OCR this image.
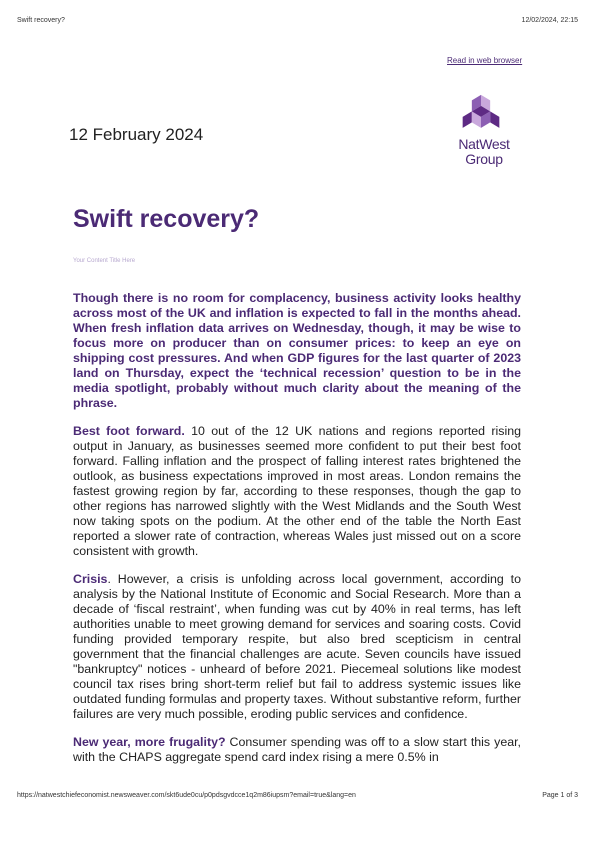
Swift recovery?	12/02/2024, 22:15
Read in web browser
12 February 2024	NatWest
Group
Swift recovery?
Your Content Title Here

Though there is no room for complacency, business activity looks healthy across most of the UK and inflation is expected to fall in the months ahead. When fresh inflation data arrives on Wednesday, though, it may be wise to focus more on producer than on consumer prices: to keep an eye on shipping cost pressures. And when GDP figures for the last quarter of 2023 land on Thursday, expect the ‘technical recession’ question to be in the media spotlight, probably without much clarity about the meaning of the phrase.

Best foot forward. 10 out of the 12 UK nations and regions reported rising output in January, as businesses seemed more confident to put their best foot forward. Falling inflation and the prospect of falling interest rates brightened the outlook, as business expectations improved in most areas. London remains the fastest growing region by far, according to these responses, though the gap to other regions has narrowed slightly with the West Midlands and the South West now taking spots on the podium. At the other end of the table the North East reported a slower rate of contraction, whereas Wales just missed out on a score consistent with growth.

Crisis. However, a crisis is unfolding across local government, according to analysis by the National Institute of Economic and Social Research. More than a decade of ‘fiscal restraint’, when funding was cut by 40% in real terms, has left authorities unable to meet growing demand for services and soaring costs. Covid funding provided temporary respite, but also bred scepticism in central government that the financial challenges are acute. Seven councils have issued "bankruptcy" notices - unheard of before 2021. Piecemeal solutions like modest council tax rises bring short-term relief but fail to address systemic issues like outdated funding formulas and property taxes. Without substantive reform, further failures are very much possible, eroding public services and confidence.

New year, more frugality? Consumer spending was off to a slow start this year, with the CHAPS aggregate spend card index rising a mere 0.5% in

https://natwestchiefeconomist.newsweaver.com/skt6ude0cu/p0pdsgvdcce1q2m86iupsm?email=true&lang=en	Page 1 of 3
